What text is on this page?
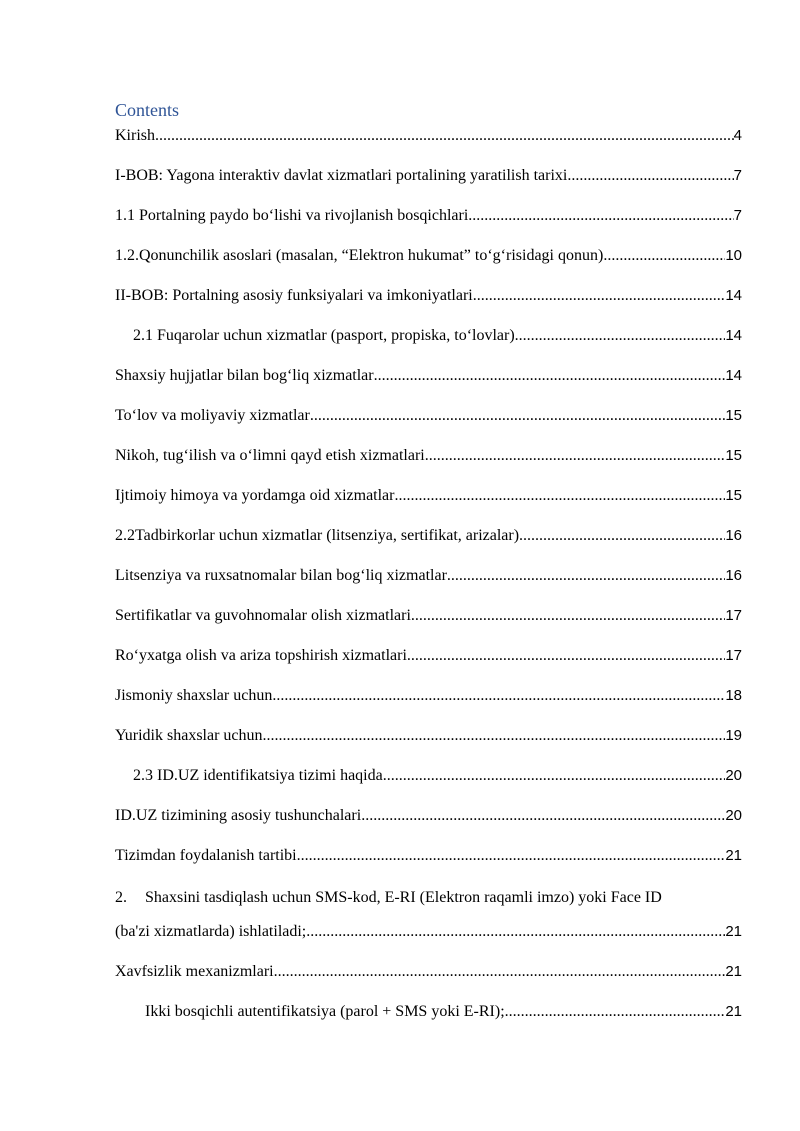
Contents
Kirish .....	4
I-BOB: Yagona interaktiv davlat xizmatlari portalining yaratilish tarixi .....	7
1.1 Portalning paydo bo‘lishi va rivojlanish bosqichlari .....	7
1.2.Qonunchilik asoslari (masalan, “Elektron hukumat” to‘g‘risidagi qonun) .....	10
II-BOB: Portalning asosiy funksiyalari va imkoniyatlari .....	14
2.1 Fuqarolar uchun xizmatlar (pasport, propiska, to‘lovlar) .....	14
Shaxsiy hujjatlar bilan bog‘liq xizmatlar .....	14
To‘lov va moliyaviy xizmatlar .....	15
Nikoh, tug‘ilish va o‘limni qayd etish xizmatlari .....	15
Ijtimoiy himoya va yordamga oid xizmatlar .....	15
2.2Tadbirkorlar uchun xizmatlar (litsenziya, sertifikat, arizalar) .....	16
Litsenziya va ruxsatnomalar bilan bog‘liq xizmatlar .....	16
Sertifikatlar va guvohnomalar olish xizmatlari .....	17
Ro‘yxatga olish va ariza topshirish xizmatlari .....	17
Jismoniy shaxslar uchun .....	18
Yuridik shaxslar uchun .....	19
2.3 ID.UZ identifikatsiya tizimi haqida .....	20
ID.UZ tizimining asosiy tushunchalari .....	20
Tizimdan foydalanish tartibi .....	21
2. Shaxsini tasdiqlash uchun SMS-kod, E-RI (Elektron raqamli imzo) yoki Face ID
(ba'zi xizmatlarda) ishlatiladi; .....	21
Xavfsizlik mexanizmlari .....	21
Ikki bosqichli autentifikatsiya (parol + SMS yoki E-RI); .....	21
